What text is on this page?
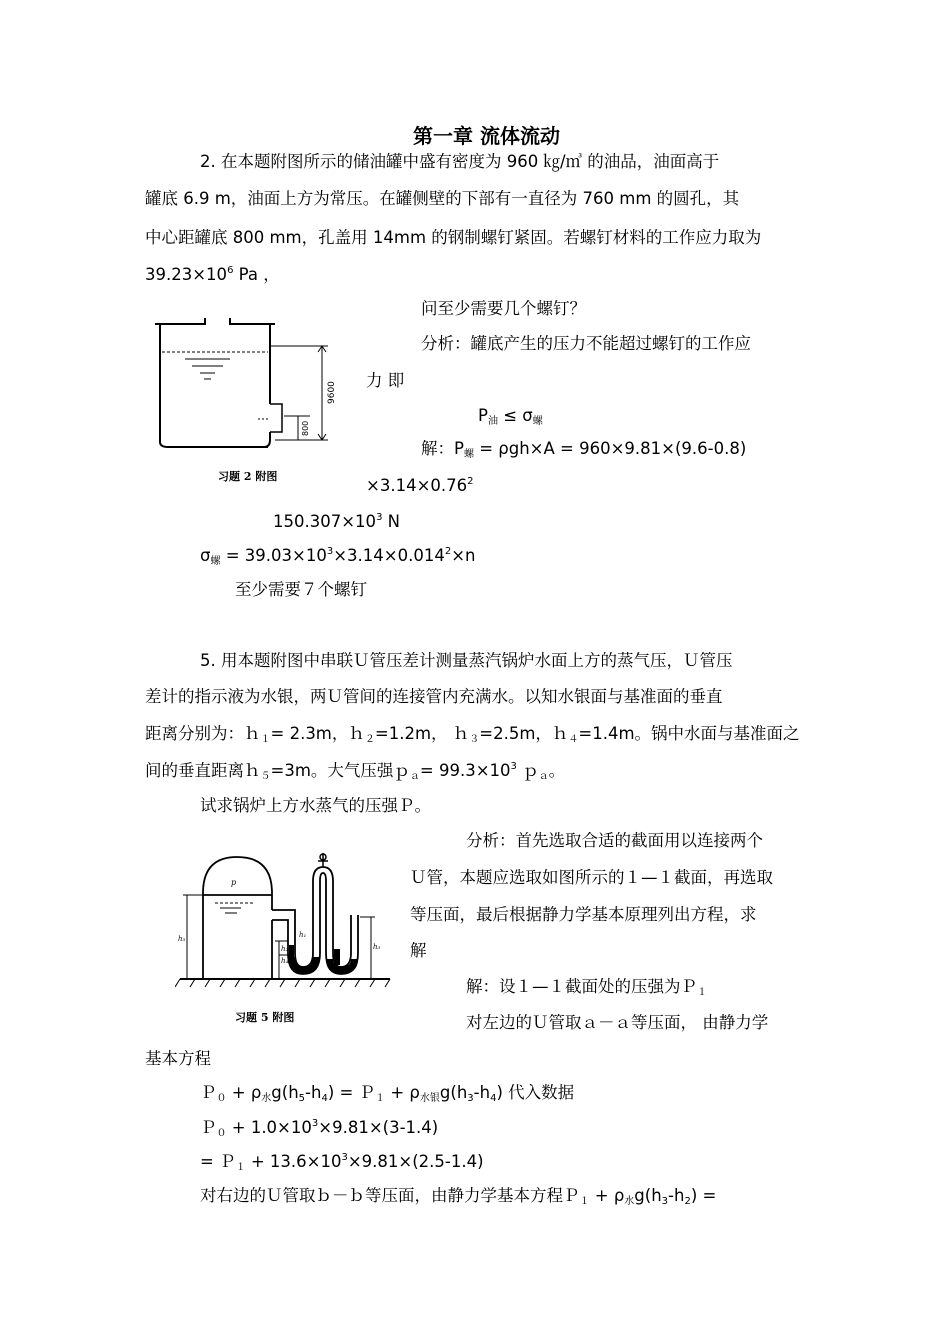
第一章 流体流动
2. 在本题附图所示的储油罐中盛有密度为 960 ㎏/㎥ 的油品，油面高于
罐底 6.9 m，油面上方为常压。在罐侧壁的下部有一直径为 760 mm 的圆孔，其
中心距罐底 800 mm，孔盖用 14mm 的钢制螺钉紧固。若螺钉材料的工作应力取为
$39.23\times 10^6$ Pa ，
问至少需要几个螺钉？
分析：罐底产生的压力不能超过螺钉的工作应
力 即
$P_油 \le \sigma_螺$
解：$P_螺 = \rho gh\times A = 960\times 9.81\times(9.6-0.8)$
$\times 3.14\times 0.76^2$
$150.307\times 10^3$ N
$\sigma_螺 = 39.03\times 10^3\times 3.14\times 0.014^2\times n$
至少需要７个螺钉
9600
800
习题 2 附图
5. 用本题附图中串联Ｕ管压差计测量蒸汽锅炉水面上方的蒸气压，Ｕ管压
差计的指示液为水银，两Ｕ管间的连接管内充满水。以知水银面与基准面的垂直
距离分别为：ｈ$_1$= 2.3m，ｈ$_2$=1.2m， ｈ$_3$=2.5m，ｈ$_4$=1.4m。锅中水面与基准面之
间的垂直距离ｈ$_5$=3m。大气压强ｐ$_a$= $99.3\times 10^3$ ｐ$_a$。
试求锅炉上方水蒸气的压强Ｐ。
分析：首先选取合适的截面用以连接两个
Ｕ管，本题应选取如图所示的１—１截面，再选取
等压面，最后根据静力学基本原理列出方程，求
解
解：设１—１截面处的压强为Ｐ$_1$
对左边的Ｕ管取ａ－ａ等压面， 由静力学
基本方程
Ｐ$_0$ + $\rho_水g(h_5-h_4)$ = Ｐ$_1$ + $\rho_{水银}g(h_3-h_4)$ 代入数据
Ｐ$_0$ + $1.0\times 10^3\times 9.81\times(3-1.4)$
= Ｐ$_1$ + $13.6\times 10^3\times 9.81\times(2.5-1.4)$
对右边的Ｕ管取ｂ－ｂ等压面，由静力学基本方程Ｐ$_1$ + $\rho_水g(h_3-h_2)$ =
p
h₅	h₁
h₂
h₄
h₃
习题 5 附图
